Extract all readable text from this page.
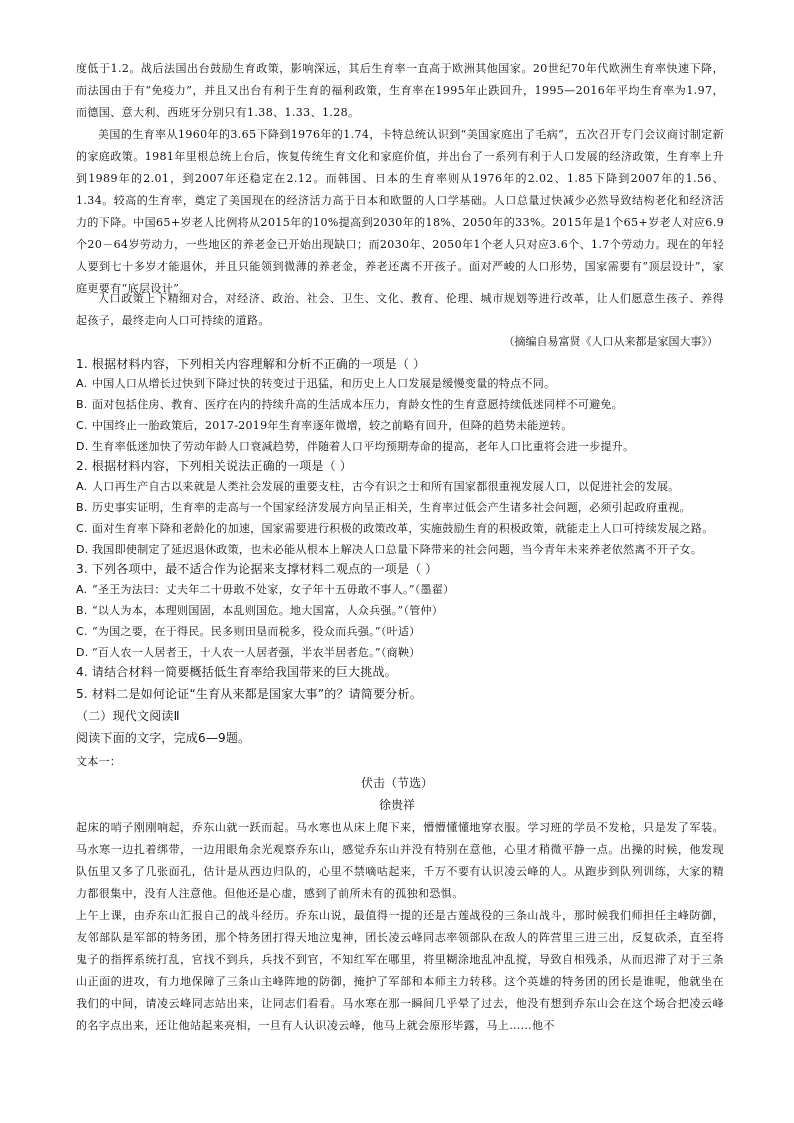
度低于1.2。战后法国出台鼓励生育政策，影响深远，其后生育率一直高于欧洲其他国家。20世纪70年代欧洲生育率快速下降，而法国由于有“免疫力”，并且又出台有利于生育的福利政策，生育率在1995年止跌回升，1995—2016年平均生育率为1.97，而德国、意大利、西班牙分别只有1.38、1.33、1.28。

美国的生育率从1960年的3.65下降到1976年的1.74，卡特总统认识到“美国家庭出了毛病”，五次召开专门会议商讨制定新的家庭政策。1981年里根总统上台后，恢复传统生育文化和家庭价值，并出台了一系列有利于人口发展的经济政策，生育率上升到1989年的2.01，到2007年还稳定在2.12。而韩国、日本的生育率则从1976年的2.02、1.85下降到2007年的1.56、1.34。较高的生育率，奠定了美国现在的经济活力高于日本和欧盟的人口学基础。人口总量过快减少必然导致结构老化和经济活力的下降。中国65+岁老人比例将从2015年的10%提高到2030年的18%、2050年的33%。2015年是1个65+岁老人对应6.9个20－64岁劳动力，一些地区的养老金已开始出现缺口；而2030年、2050年1个老人只对应3.6个、1.7个劳动力。现在的年轻人要到七十多岁才能退休，并且只能领到微薄的养老金，养老还离不开孩子。面对严峻的人口形势，国家需要有“顶层设计”，家庭更要有“底层设计”。

人口政策上下精细对合，对经济、政治、社会、卫生、文化、教育、伦理、城市规划等进行改革，让人们愿意生孩子、养得起孩子，最终走向人口可持续的道路。

（摘编自易富贤《人口从来都是家国大事》）

1. 根据材料内容，下列相关内容理解和分析不正确的一项是（ ）

A. 中国人口从增长过快到下降过快的转变过于迅猛，和历史上人口发展是缓慢变量的特点不同。

B. 面对包括住房、教育、医疗在内的持续升高的生活成本压力，育龄女性的生育意愿持续低迷同样不可避免。

C. 中国终止一胎政策后，2017-2019年生育率逐年微增，较之前略有回升，但降的趋势未能逆转。

D. 生育率低迷加快了劳动年龄人口衰减趋势，伴随着人口平均预期寿命的提高，老年人口比重将会进一步提升。

2. 根据材料内容，下列相关说法正确的一项是（ ）

A. 人口再生产自古以来就是人类社会发展的重要支柱，古今有识之士和所有国家都很重视发展人口，以促进社会的发展。

B. 历史事实证明，生育率的走高与一个国家经济发展方向呈正相关，生育率过低会产生诸多社会问题，必须引起政府重视。

C. 面对生育率下降和老龄化的加速，国家需要进行积极的政策改革，实施鼓励生育的积极政策，就能走上人口可持续发展之路。

D. 我国即使制定了延迟退休政策，也未必能从根本上解决人口总量下降带来的社会问题，当今青年未来养老依然离不开子女。

3. 下列各项中，最不适合作为论据来支撑材料二观点的一项是（ ）

A. “圣王为法曰：丈夫年二十毋敢不处家，女子年十五毋敢不事人。”（墨翟）

B. “以人为本，本理则国固，本乱则国危。地大国富，人众兵强。”（管仲）

C. “为国之要，在于得民。民多则田垦而税多，役众而兵强。”（叶适）

D. “百人农一人居者王，十人农一人居者强，半农半居者危。”（商鞅）

4. 请结合材料一简要概括低生育率给我国带来的巨大挑战。

5. 材料二是如何论证“生育从来都是国家大事”的？请简要分析。

（二）现代文阅读Ⅱ

阅读下面的文字，完成6—9题。

文本一：

伏击（节选）

徐贵祥

起床的哨子刚刚响起，乔东山就一跃而起。马水寒也从床上爬下来，懵懵懂懂地穿衣服。学习班的学员不发枪，只是发了军装。马水寒一边扎着绑带，一边用眼角余光观察乔东山，感觉乔东山并没有特别在意他，心里才稍微平静一点。出操的时候，他发现队伍里又多了几张面孔，估计是从西边归队的，心里不禁嘀咕起来，千万不要有认识凌云峰的人。从跑步到队列训练，大家的精力都很集中，没有人注意他。但他还是心虚，感到了前所未有的孤独和恐惧。

上午上课，由乔东山汇报自己的战斗经历。乔东山说，最值得一提的还是古莲战役的三条山战斗，那时候我们师担任主峰防御，友邻部队是军部的特务团，那个特务团打得天地泣鬼神，团长凌云峰同志率领部队在敌人的阵营里三进三出，反复砍杀，直至将鬼子的指挥系统打乱，官找不到兵，兵找不到官，不知红军在哪里，将里糊涂地乱冲乱搅，导致自相残杀，从而迟滞了对于三条山正面的进攻，有力地保障了三条山主峰阵地的防御，掩护了军部和本师主力转移。这个英雄的特务团的团长是谁呢，他就坐在我们的中间，请凌云峰同志站出来，让同志们看看。马水寒在那一瞬间几乎晕了过去，他没有想到乔东山会在这个场合把凌云峰的名字点出来，还让他站起来亮相，一旦有人认识凌云峰，他马上就会原形毕露，马上……他不
